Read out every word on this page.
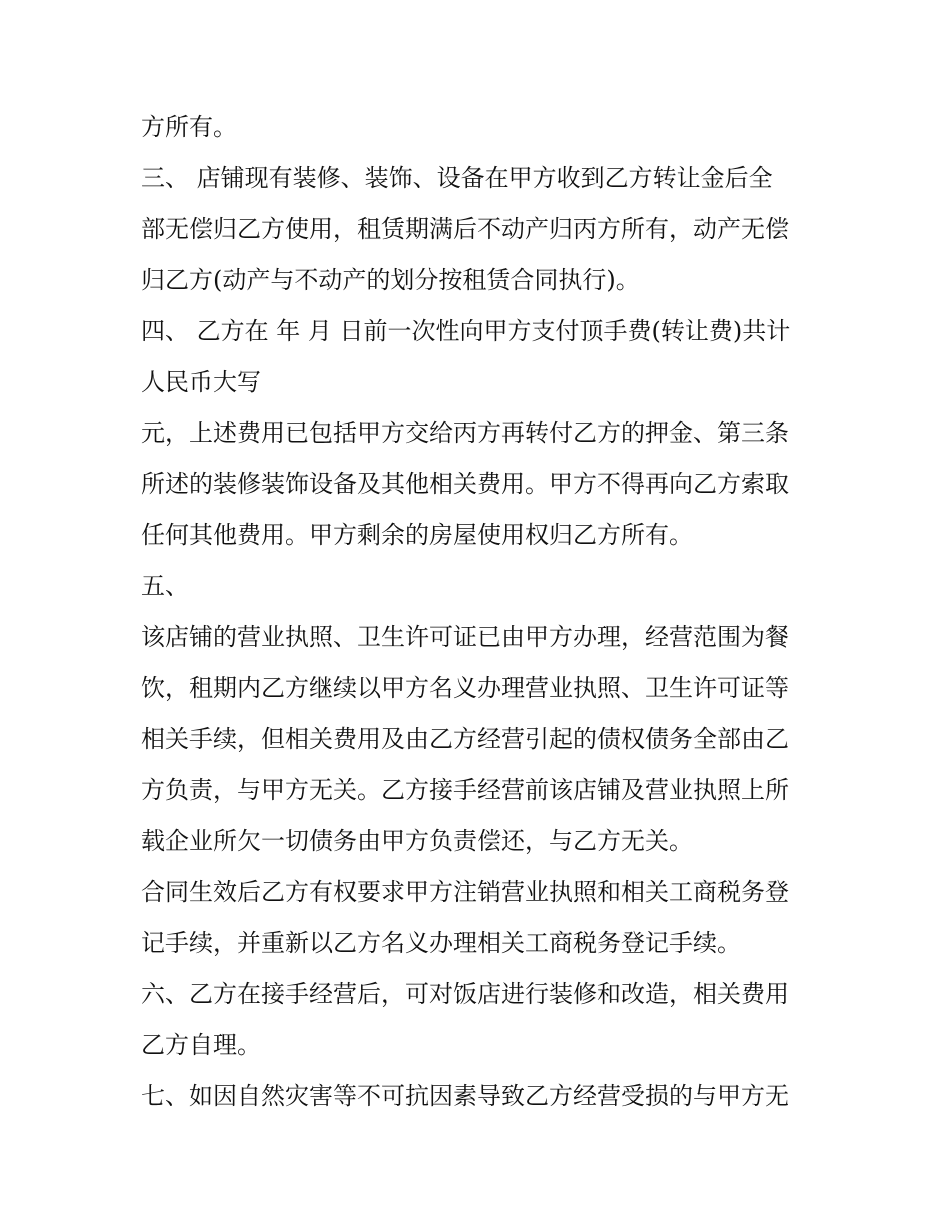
方所有。
三、 店铺现有装修、装饰、设备在甲方收到乙方转让金后全
部无偿归乙方使用，租赁期满后不动产归丙方所有，动产无偿
归乙方(动产与不动产的划分按租赁合同执行)。
四、 乙方在 年 月 日前一次性向甲方支付顶手费(转让费)共计
人民币大写
元，上述费用已包括甲方交给丙方再转付乙方的押金、第三条
所述的装修装饰设备及其他相关费用。甲方不得再向乙方索取
任何其他费用。甲方剩余的房屋使用权归乙方所有。
五、
该店铺的营业执照、卫生许可证已由甲方办理，经营范围为餐
饮，租期内乙方继续以甲方名义办理营业执照、卫生许可证等
相关手续，但相关费用及由乙方经营引起的债权债务全部由乙
方负责，与甲方无关。乙方接手经营前该店铺及营业执照上所
载企业所欠一切债务由甲方负责偿还，与乙方无关。
合同生效后乙方有权要求甲方注销营业执照和相关工商税务登
记手续，并重新以乙方名义办理相关工商税务登记手续。
六、乙方在接手经营后，可对饭店进行装修和改造，相关费用
乙方自理。
七、如因自然灾害等不可抗因素导致乙方经营受损的与甲方无
